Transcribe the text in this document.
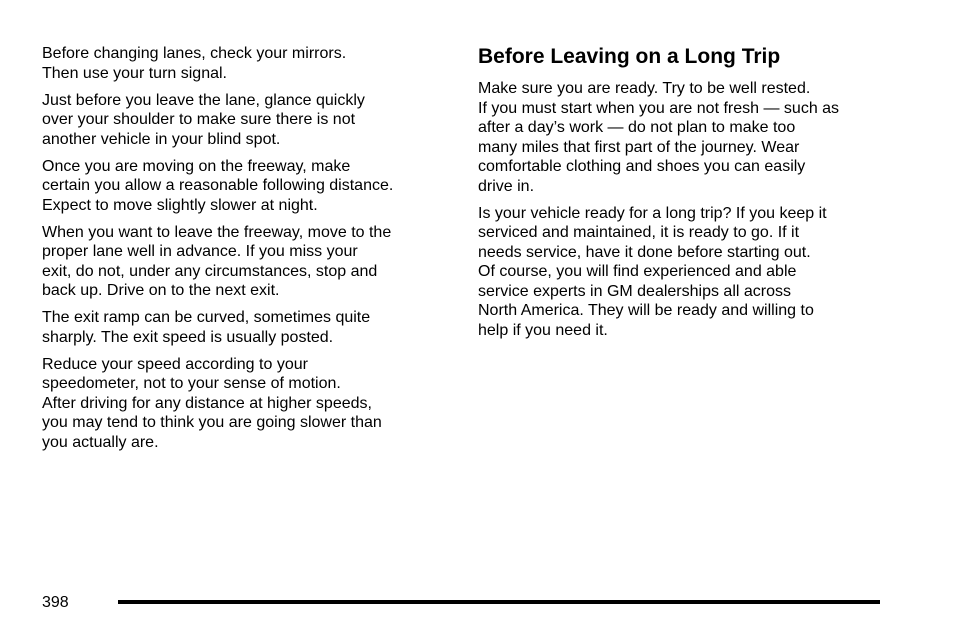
Before changing lanes, check your mirrors.
Then use your turn signal.

Just before you leave the lane, glance quickly
over your shoulder to make sure there is not
another vehicle in your blind spot.

Once you are moving on the freeway, make
certain you allow a reasonable following distance.
Expect to move slightly slower at night.

When you want to leave the freeway, move to the
proper lane well in advance. If you miss your
exit, do not, under any circumstances, stop and
back up. Drive on to the next exit.

The exit ramp can be curved, sometimes quite
sharply. The exit speed is usually posted.

Reduce your speed according to your
speedometer, not to your sense of motion.
After driving for any distance at higher speeds,
you may tend to think you are going slower than
you actually are.

Before Leaving on a Long Trip

Make sure you are ready. Try to be well rested.
If you must start when you are not fresh — such as
after a day’s work — do not plan to make too
many miles that first part of the journey. Wear
comfortable clothing and shoes you can easily
drive in.

Is your vehicle ready for a long trip? If you keep it
serviced and maintained, it is ready to go. If it
needs service, have it done before starting out.
Of course, you will find experienced and able
service experts in GM dealerships all across
North America. They will be ready and willing to
help if you need it.

398
